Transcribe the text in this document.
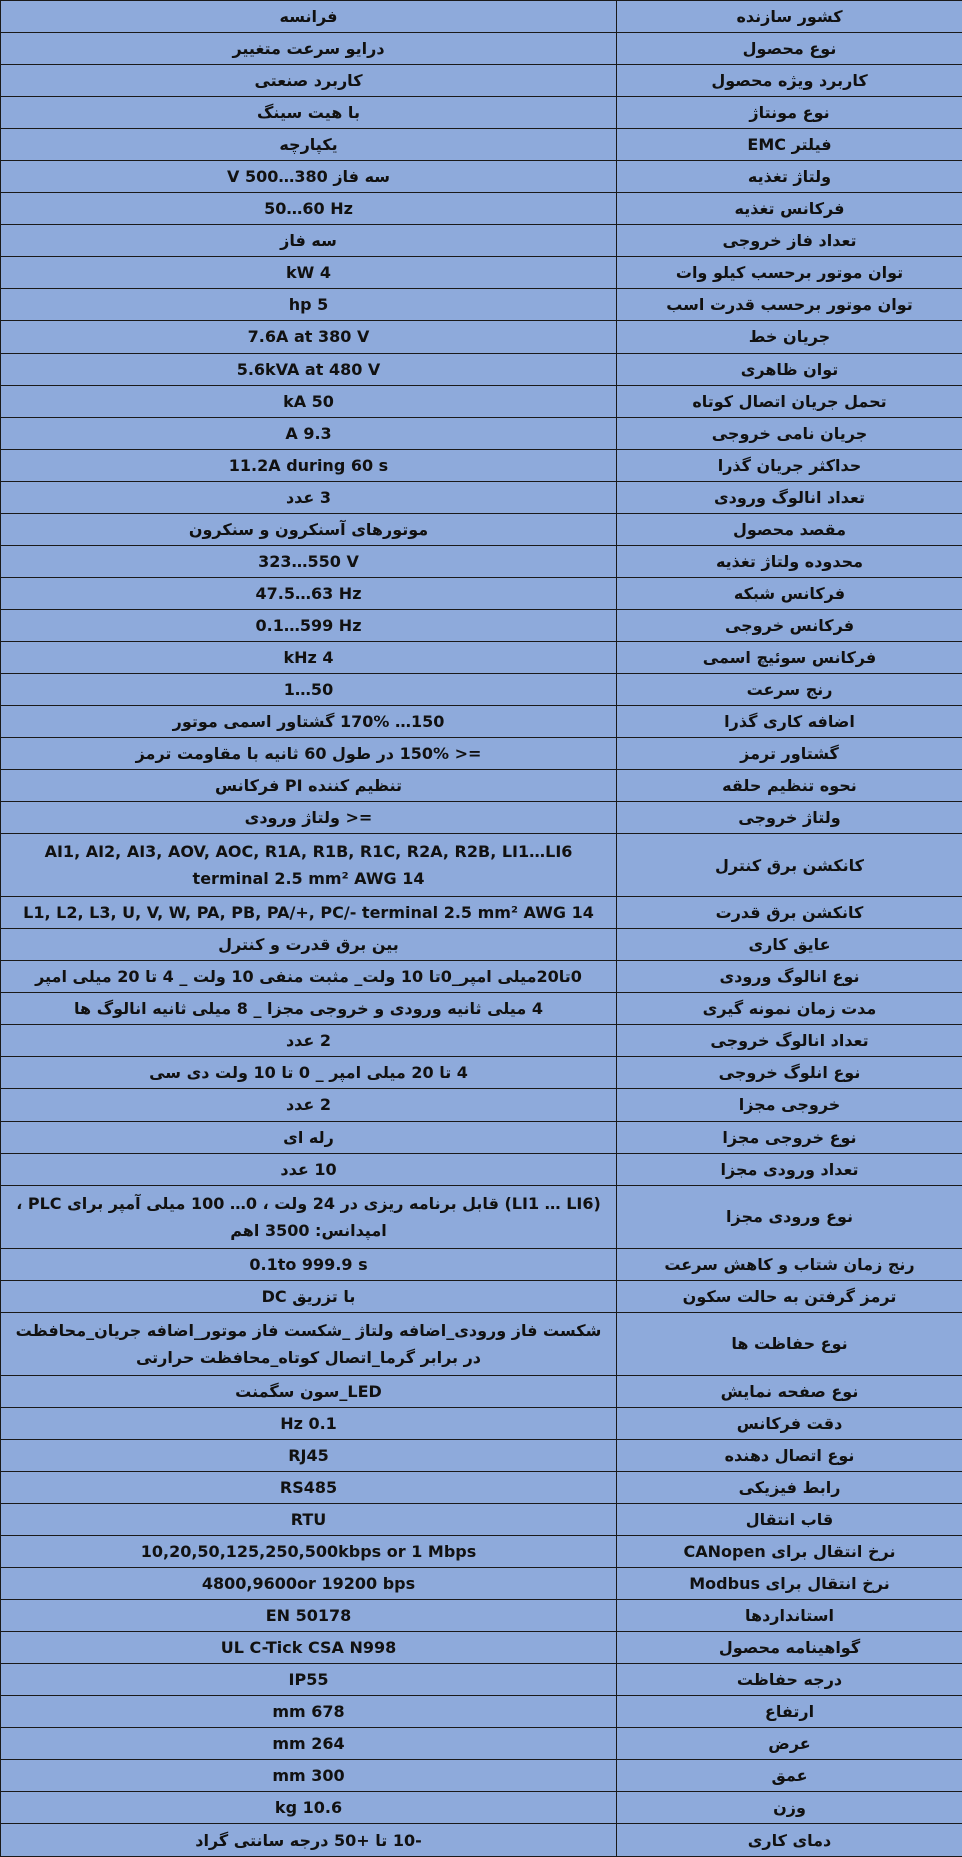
فرانسه	کشور سازنده
درایو سرعت متغییر	نوع محصول
کاربرد صنعتی	کاربرد ویژه محصول
با هیت سینگ	نوع مونتاژ
یکپارچه	فیلتر EMC
سه فاز 380…500 V	ولتاژ تغذیه
50…60 Hz	فرکانس تغذیه
سه فاز	تعداد فاز خروجی
4 kW	توان موتور برحسب کیلو وات
5 hp	توان موتور برحسب قدرت اسب
7.6A at 380 V	جریان خط
5.6kVA at 480 V	توان ظاهری
50 kA	تحمل جریان اتصال کوتاه
9.3 A	جریان نامی خروجی
11.2A during 60 s	حداکثر جریان گذرا
3 عدد	تعداد انالوگ ورودی
موتورهای آسنکرون و سنکرون	مقصد محصول
323…550 V	محدوده ولتاژ تغذیه
47.5…63 Hz	فرکانس شبکه
0.1…599 Hz	فرکانس خروجی
4 kHz	فرکانس سوئیچ اسمی
1…50	رنج سرعت
150… 170% گشتاور اسمی موتور	اضافه کاری گذرا
=< 150% در طول 60 ثانیه با مقاومت ترمز	گشتاور ترمز
تنظیم کننده PI فرکانس	نحوه تنظیم حلقه
=< ولتاژ ورودی	ولتاژ خروجی
AI1, AI2, AI3, AOV, AOC, R1A, R1B, R1C, R2A, R2B, LI1…LI6 terminal 2.5 mm² AWG 14	کانکشن برق کنترل
L1, L2, L3, U, V, W, PA, PB, PA/+, PC/- terminal 2.5 mm² AWG 14	کانکشن برق قدرت
بین برق قدرت و کنترل	عایق کاری
0تا20میلی امپر_0تا 10 ولت_ مثبت منفی 10 ولت _ 4 تا 20 میلی امپر	نوع انالوگ ورودی
4 میلی ثانیه ورودی و خروجی مجزا _ 8 میلی ثانیه انالوگ ها	مدت زمان نمونه گیری
2 عدد	تعداد انالوگ خروجی
4 تا 20 میلی امپر _ 0 تا 10 ولت دی سی	نوع انلوگ خروجی
2 عدد	خروجی مجزا
رله ای	نوع خروجی مجزا
10 عدد	تعداد ورودی مجزا
(LI1 … LI6) قابل برنامه ریزی در 24 ولت ، 0… 100 میلی آمپر برای PLC ، امپدانس: 3500 اهم	نوع ورودی مجزا
0.1to 999.9 s	رنج زمان شتاب و کاهش سرعت
با تزریق DC	ترمز گرفتن به حالت سکون
شکست فاز ورودی_اضافه ولتاژ _شکست فاز موتور_اضافه جریان_محافظت در برابر گرما_اتصال کوتاه_محافظت حرارتی	نوع حفاظت ها
LED_سون سگمنت	نوع صفحه نمایش
0.1 Hz	دقت فرکانس
RJ45	نوع اتصال دهنده
RS485	رابط فیزیکی
RTU	قاب انتقال
10,20,50,125,250,500kbps or 1 Mbps	نرخ انتقال برای CANopen
4800,9600or 19200 bps	نرخ انتقال برای Modbus
EN 50178	استانداردها
UL C-Tick CSA N998	گواهینامه محصول
IP55	درجه حفاظت
678 mm	ارتفاع
264 mm	عرض
300 mm	عمق
10.6 kg	وزن
-10 تا +50 درجه سانتی گراد	دمای کاری
